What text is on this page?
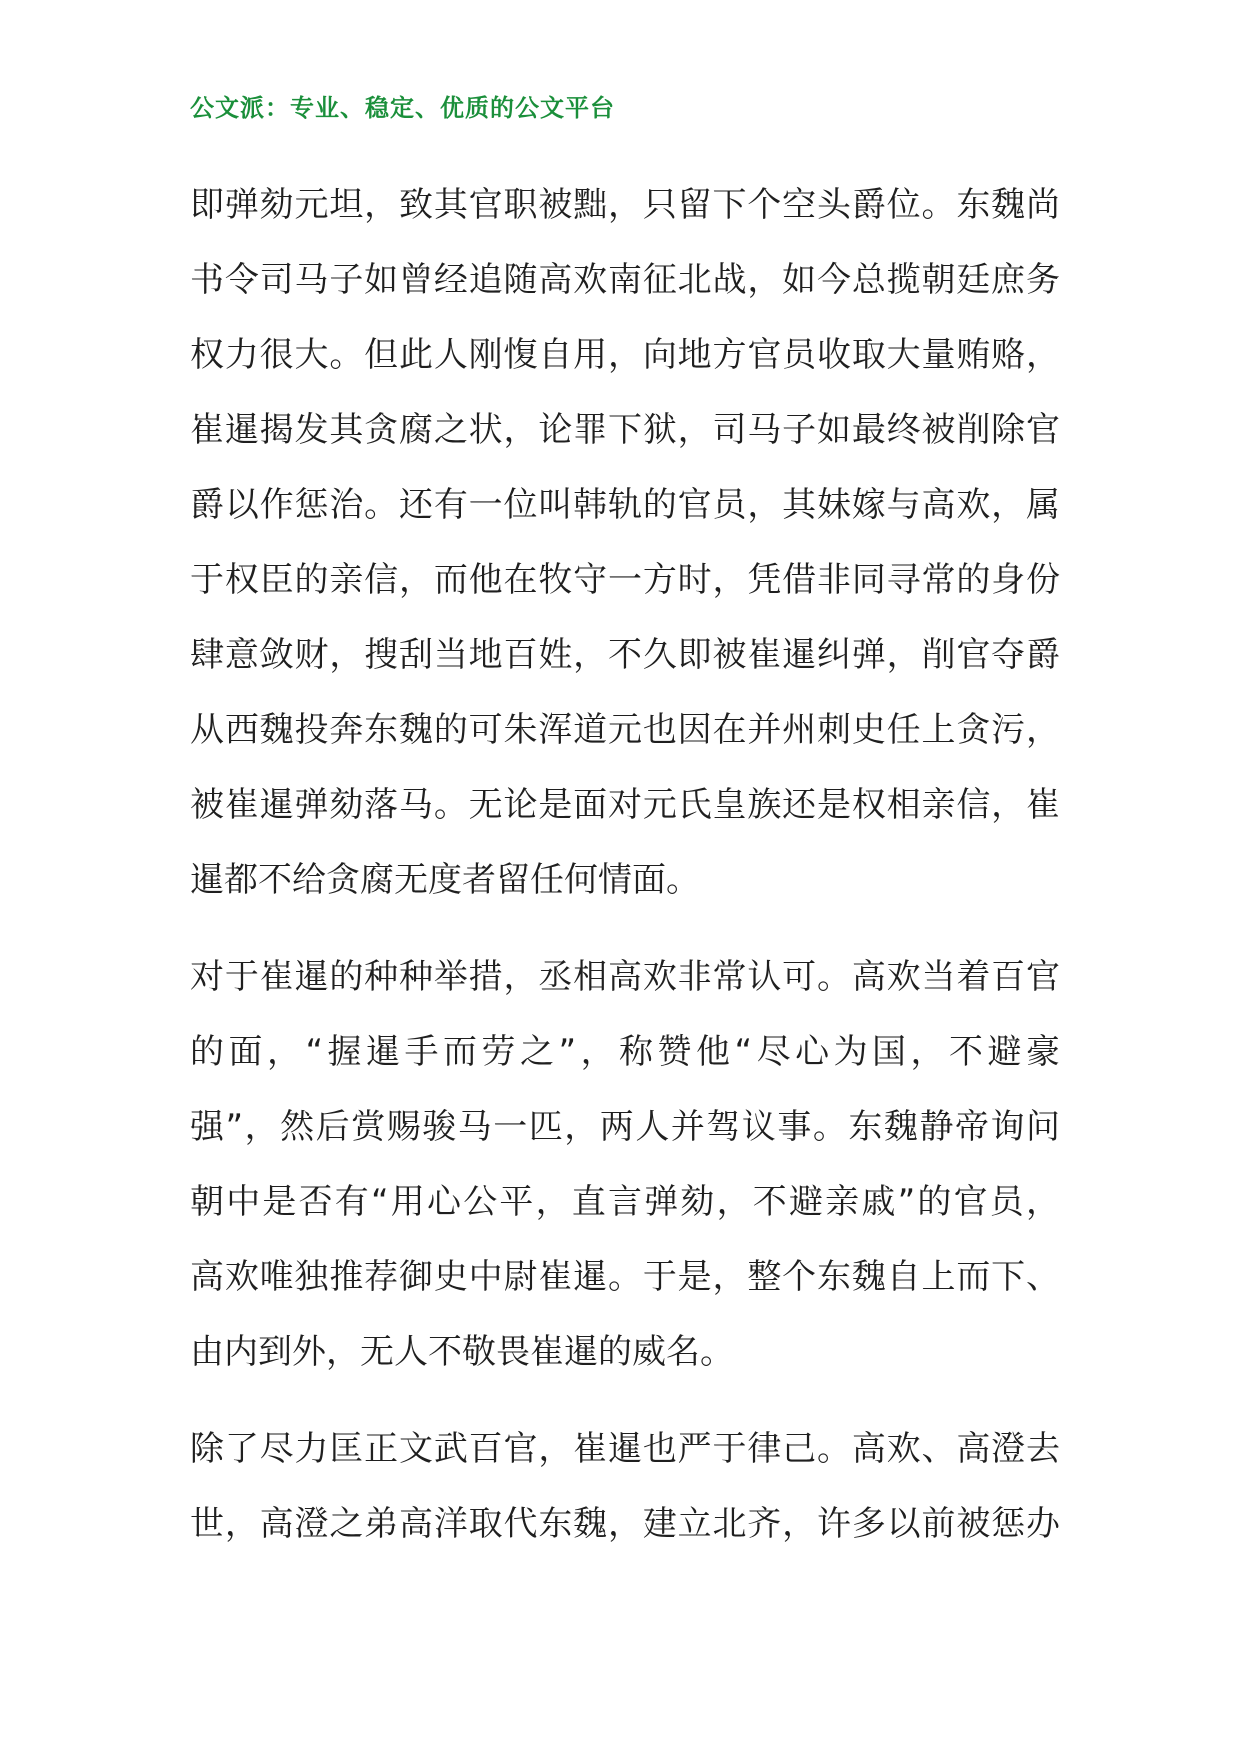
公文派：专业、稳定、优质的公文平台
即弹劾元坦，致其官职被黜，只留下个空头爵位。东魏尚
书令司马子如曾经追随高欢南征北战，如今总揽朝廷庶务
权力很大。但此人刚愎自用，向地方官员收取大量贿赂，
崔暹揭发其贪腐之状，论罪下狱，司马子如最终被削除官
爵以作惩治。还有一位叫韩轨的官员，其妹嫁与高欢，属
于权臣的亲信，而他在牧守一方时，凭借非同寻常的身份
肆意敛财，搜刮当地百姓，不久即被崔暹纠弹，削官夺爵
从西魏投奔东魏的可朱浑道元也因在并州刺史任上贪污，
被崔暹弹劾落马。无论是面对元氏皇族还是权相亲信，崔
暹都不给贪腐无度者留任何情面。
对于崔暹的种种举措，丞相高欢非常认可。高欢当着百官
的面，“握暹手而劳之”，称赞他“尽心为国，不避豪
强”，然后赏赐骏马一匹，两人并驾议事。东魏静帝询问
朝中是否有“用心公平，直言弹劾，不避亲戚”的官员，
高欢唯独推荐御史中尉崔暹。于是，整个东魏自上而下、
由内到外，无人不敬畏崔暹的威名。
除了尽力匡正文武百官，崔暹也严于律己。高欢、高澄去
世，高澄之弟高洋取代东魏，建立北齐，许多以前被惩办
